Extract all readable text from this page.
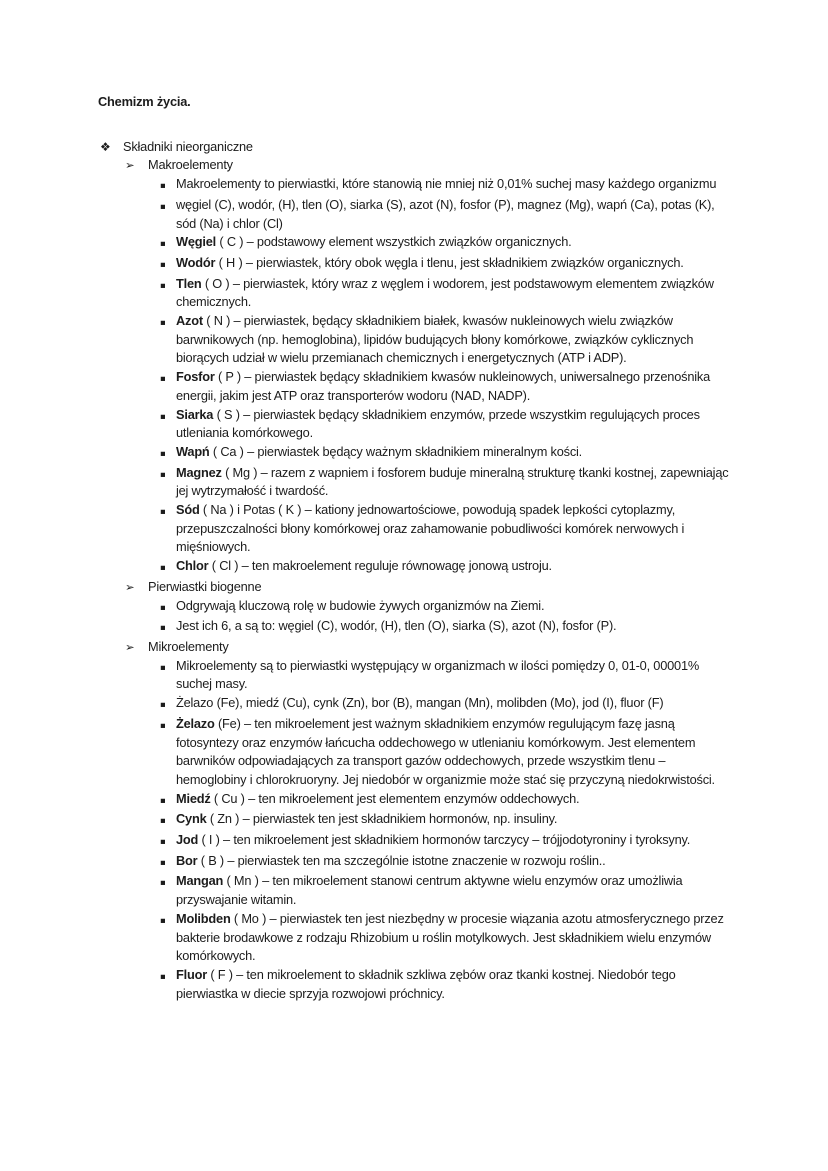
Chemizm życia.
❖ Składniki nieorganiczne
➢	Makroelementy
▪ Makroelementy to pierwiastki, które stanowią nie mniej niż 0,01% suchej masy każdego organizmu
▪ węgiel (C), wodór, (H), tlen (O), siarka (S), azot (N), fosfor (P), magnez (Mg), wapń (Ca), potas (K), sód (Na) i chlor (Cl)
▪ Węgiel ( C ) – podstawowy element wszystkich związków organicznych.
▪ Wodór ( H ) – pierwiastek, który obok węgla i tlenu, jest składnikiem związków organicznych.
▪ Tlen ( O ) – pierwiastek, który wraz z węglem i wodorem, jest podstawowym elementem związków chemicznych.
▪ Azot ( N ) – pierwiastek, będący składnikiem białek, kwasów nukleinowych wielu związków barwnikowych (np. hemoglobina), lipidów budujących błony komórkowe, związków cyklicznych biorących udział w wielu przemianach chemicznych i energetycznych (ATP i ADP).
▪ Fosfor ( P ) – pierwiastek będący składnikiem kwasów nukleinowych, uniwersalnego przenośnika energii, jakim jest ATP oraz transporterów wodoru (NAD, NADP).
▪ Siarka ( S ) – pierwiastek będący składnikiem enzymów, przede wszystkim regulujących proces utleniania komórkowego.
▪ Wapń ( Ca ) – pierwiastek będący ważnym składnikiem mineralnym kości.
▪ Magnez ( Mg ) – razem z wapniem i fosforem buduje mineralną strukturę tkanki kostnej, zapewniając jej wytrzymałość i twardość.
▪ Sód ( Na ) i Potas ( K ) – kationy jednowartościowe, powodują spadek lepkości cytoplazmy, przepuszczalności błony komórkowej oraz zahamowanie pobudliwości komórek nerwowych i mięśniowych.
▪ Chlor ( Cl ) – ten makroelement reguluje równowagę jonową ustroju.
➢	Pierwiastki biogenne
▪ Odgrywają kluczową rolę w budowie żywych organizmów na Ziemi.
▪ Jest ich 6, a są to: węgiel (C), wodór, (H), tlen (O), siarka (S), azot (N), fosfor (P).
➢	Mikroelementy
▪ Mikroelementy są to pierwiastki występujący w organizmach w ilości pomiędzy 0, 01-0, 00001% suchej masy.
▪ Żelazo (Fe), miedź (Cu), cynk (Zn), bor (B), mangan (Mn), molibden (Mo), jod (I), fluor (F)
▪ Żelazo (Fe) – ten mikroelement jest ważnym składnikiem enzymów regulującym fazę jasną fotosyntezy oraz enzymów łańcucha oddechowego w utlenianiu komórkowym. Jest elementem barwników odpowiadających za transport gazów oddechowych, przede wszystkim tlenu – hemoglobiny i chlorokruoryny. Jej niedobór w organizmie może stać się przyczyną niedokrwistości.
▪ Miedź ( Cu ) – ten mikroelement jest elementem enzymów oddechowych.
▪ Cynk ( Zn ) – pierwiastek ten jest składnikiem hormonów, np. insuliny.
▪ Jod ( I ) – ten mikroelement jest składnikiem hormonów tarczycy – trójjodotyroniny i tyroksyny.
▪ Bor ( B ) – pierwiastek ten ma szczególnie istotne znaczenie w rozwoju roślin..
▪ Mangan ( Mn ) – ten mikroelement stanowi centrum aktywne wielu enzymów oraz umożliwia przyswajanie witamin.
▪ Molibden ( Mo ) – pierwiastek ten jest niezbędny w procesie wiązania azotu atmosferycznego przez bakterie brodawkowe z rodzaju Rhizobium u roślin motylkowych. Jest składnikiem wielu enzymów komórkowych.
▪ Fluor ( F ) – ten mikroelement to składnik szkliwa zębów oraz tkanki kostnej. Niedobór tego pierwiastka w diecie sprzyja rozwojowi próchnicy.
